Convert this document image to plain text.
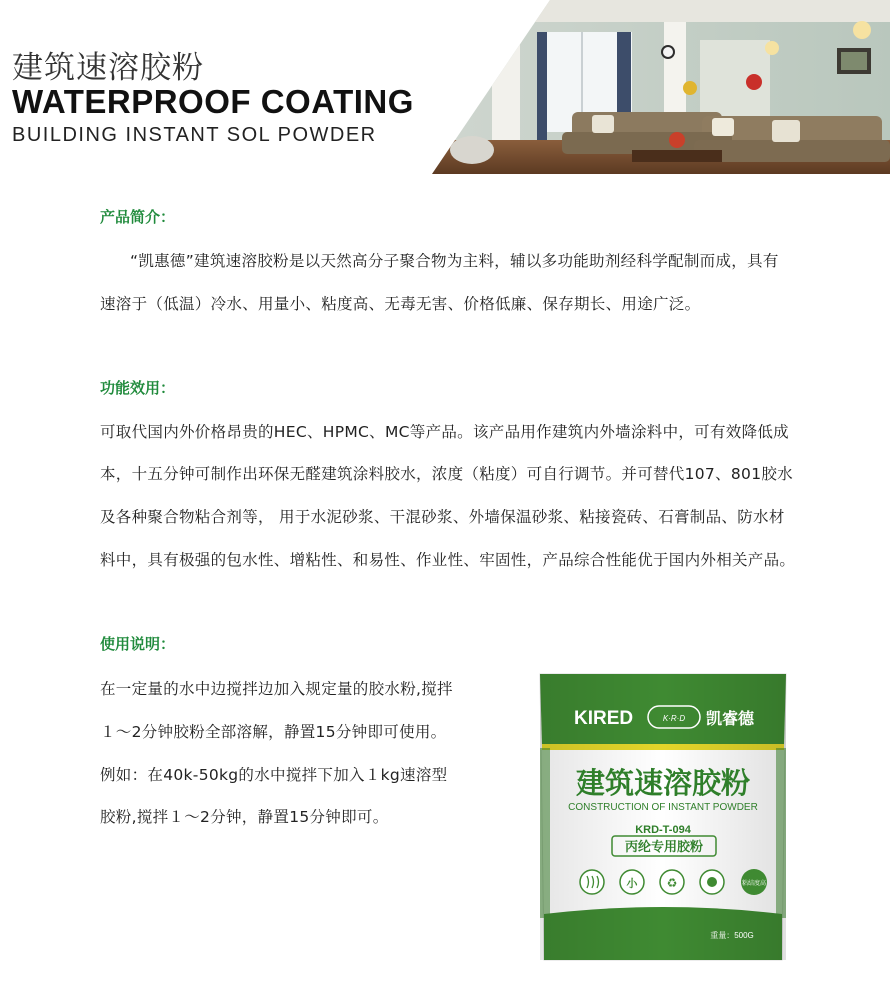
建筑速溶胶粉
WATERPROOF COATING
BUILDING INSTANT SOL POWDER
产品简介：
“凯惠德”建筑速溶胶粉是以天然高分子聚合物为主料，辅以多功能助剂经科学配制而成，具有
速溶于（低温）冷水、用量小、粘度高、无毒无害、价格低廉、保存期长、用途广泛。
功能效用：
可取代国内外价格昂贵的HEC、HPMC、MC等产品。该产品用作建筑内外墙涂料中，可有效降低成
本，十五分钟可制作出环保无醛建筑涂料胶水，浓度（粘度）可自行调节。并可替代107、801胶水
及各种聚合物粘合剂等， 用于水泥砂浆、干混砂浆、外墙保温砂浆、粘接瓷砖、石膏制品、防水材
料中，具有极强的包水性、增粘性、和易性、作业性、牢固性，产品综合性能优于国内外相关产品。
使用说明：
在一定量的水中边搅拌边加入规定量的胶水粉,搅拌
１～2分钟胶粉全部溶解，静置15分钟即可使用。
例如：在40k-50kg的水中搅拌下加入１kg速溶型
胶粉,搅拌１～2分钟，静置15分钟即可。
K·R·D
KIRED	凯睿德
建筑速溶胶粉
CONSTRUCTION OF INSTANT POWDER
KRD-T-094
丙纶专用胶粉
小 ♻	粘结度高
重量：500G
